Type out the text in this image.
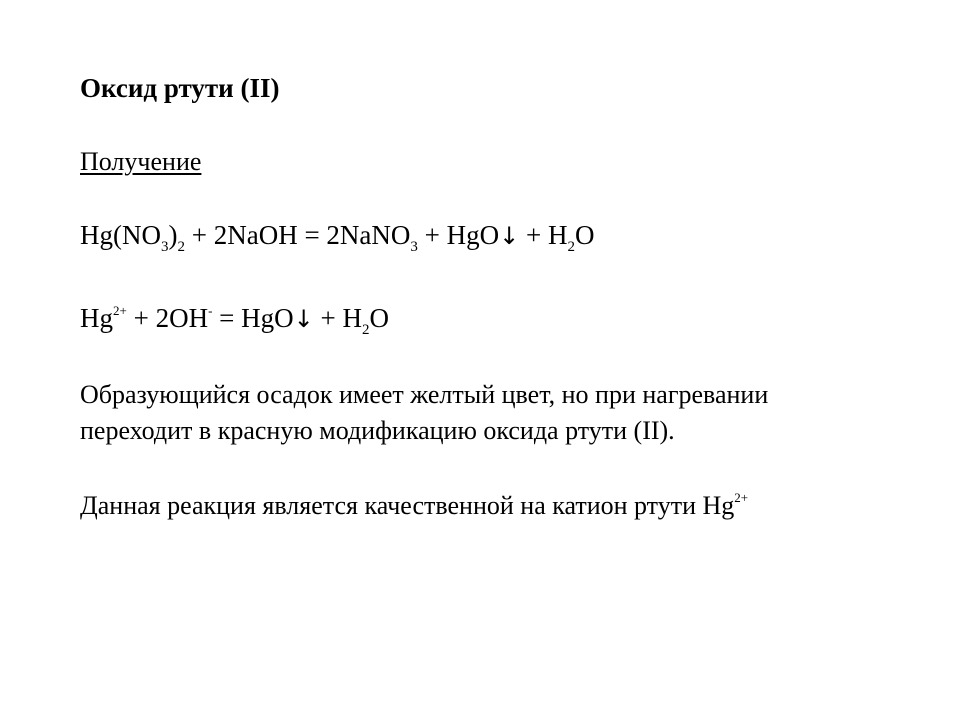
Оксид ртути (II)
Получение
$Hg(NO_3)_2$ + 2NaOH = 2NaNO$_3$ + HgO↓ + $H_2O$
$Hg^{2+} + 2OH^-$ = HgO↓ + $H_2O$
Образующийся осадок имеет желтый цвет, но при нагревании
переходит в красную модификацию оксида ртути (II).
Данная реакция является качественной на катион ртути $Hg^{2+}$
